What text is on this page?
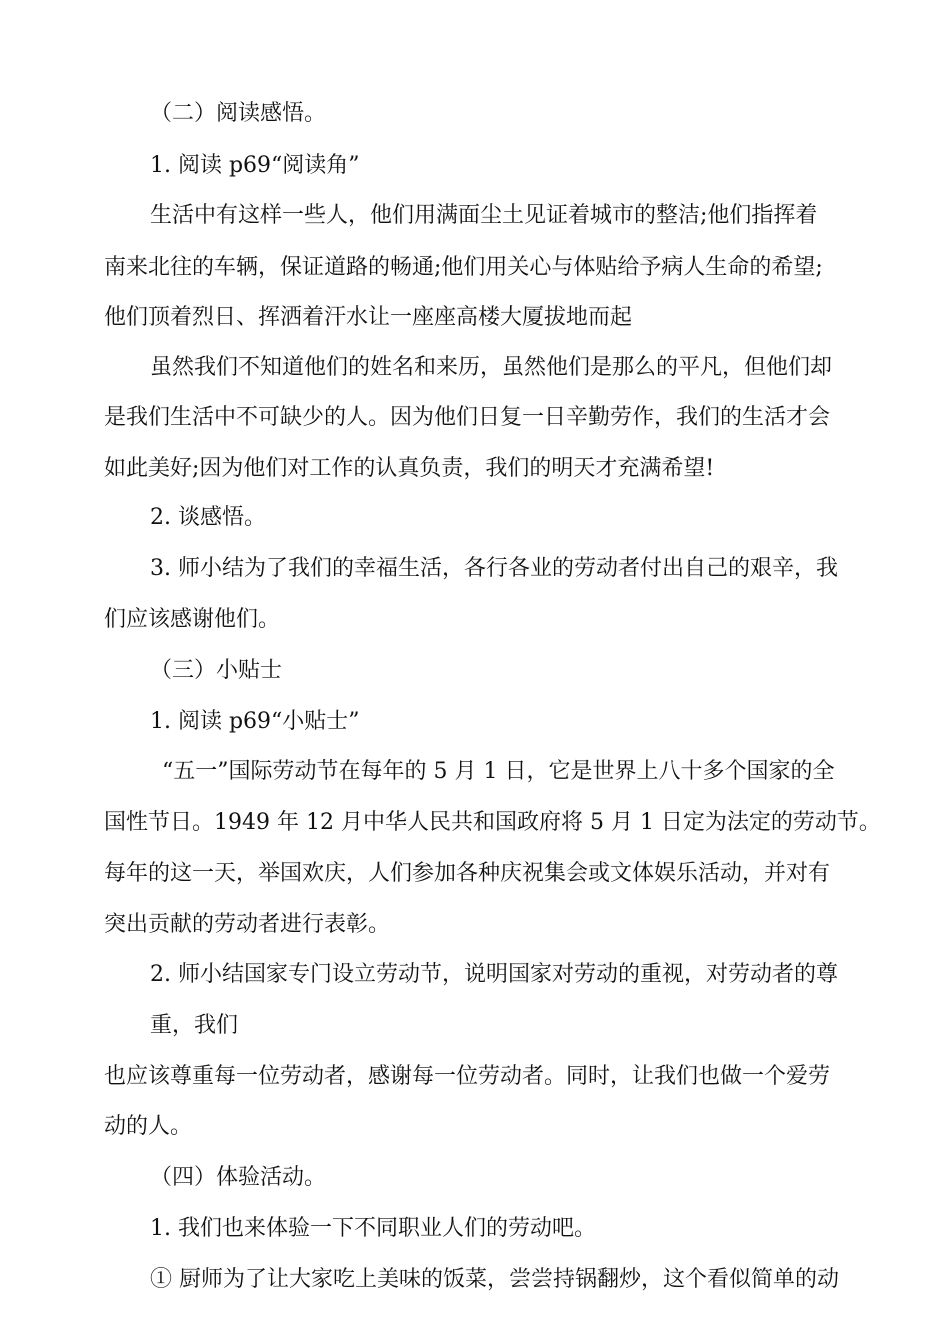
（二）阅读感悟。
1. 阅读 p69“阅读角”
生活中有这样一些人，他们用满面尘土见证着城市的整洁;他们指挥着
南来北往的车辆，保证道路的畅通;他们用关心与体贴给予病人生命的希望;
他们顶着烈日、挥洒着汗水让一座座高楼大厦拔地而起
虽然我们不知道他们的姓名和来历，虽然他们是那么的平凡，但他们却
是我们生活中不可缺少的人。因为他们日复一日辛勤劳作，我们的生活才会
如此美好;因为他们对工作的认真负责，我们的明天才充满希望!
2. 谈感悟。
3. 师小结为了我们的幸福生活，各行各业的劳动者付出自己的艰辛，我
们应该感谢他们。
（三）小贴士
1. 阅读 p69“小贴士”
“五一”国际劳动节在每年的 5 月 1 日，它是世界上八十多个国家的全
国性节日。1949 年 12 月中华人民共和国政府将 5 月 1 日定为法定的劳动节。
每年的这一天，举国欢庆，人们参加各种庆祝集会或文体娱乐活动，并对有
突出贡献的劳动者进行表彰。
2. 师小结国家专门设立劳动节，说明国家对劳动的重视，对劳动者的尊
重，我们
也应该尊重每一位劳动者，感谢每一位劳动者。同时，让我们也做一个爱劳
动的人。
（四）体验活动。
1. 我们也来体验一下不同职业人们的劳动吧。
① 厨师为了让大家吃上美味的饭菜，尝尝持锅翻炒，这个看似简单的动
